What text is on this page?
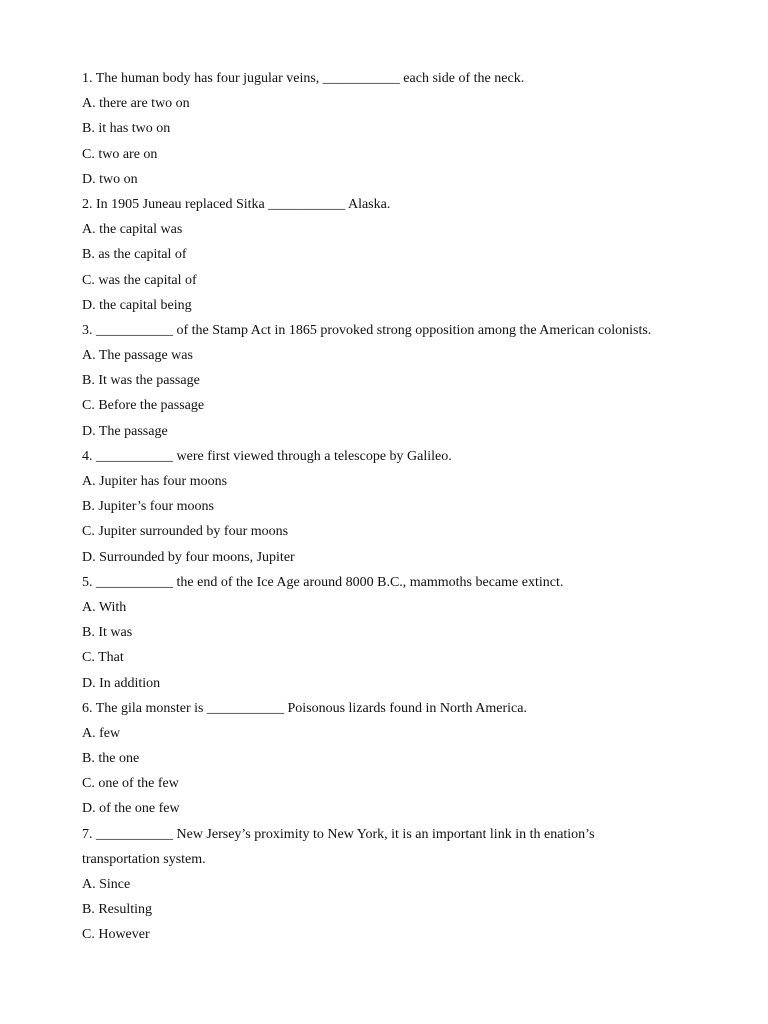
1. The human body has four jugular veins, ___________ each side of the neck.
A. there are two on
B. it has two on
C. two are on
D. two on
2. In 1905 Juneau replaced Sitka ___________ Alaska.
A. the capital was
B. as the capital of
C. was the capital of
D. the capital being
3. ___________ of the Stamp Act in 1865 provoked strong opposition among the American colonists.
A. The passage was
B. It was the passage
C. Before the passage
D. The passage
4. ___________ were first viewed through a telescope by Galileo.
A. Jupiter has four moons
B. Jupiter’s four moons
C. Jupiter surrounded by four moons
D. Surrounded by four moons, Jupiter
5. ___________ the end of the Ice Age around 8000 B.C., mammoths became extinct.
A. With
B. It was
C. That
D. In addition
6. The gila monster is ___________ Poisonous lizards found in North America.
A. few
B. the one
C. one of the few
D. of the one few
7. ___________ New Jersey’s proximity to New York, it is an important link in th enation’s
transportation system.
A. Since
B. Resulting
C. However
